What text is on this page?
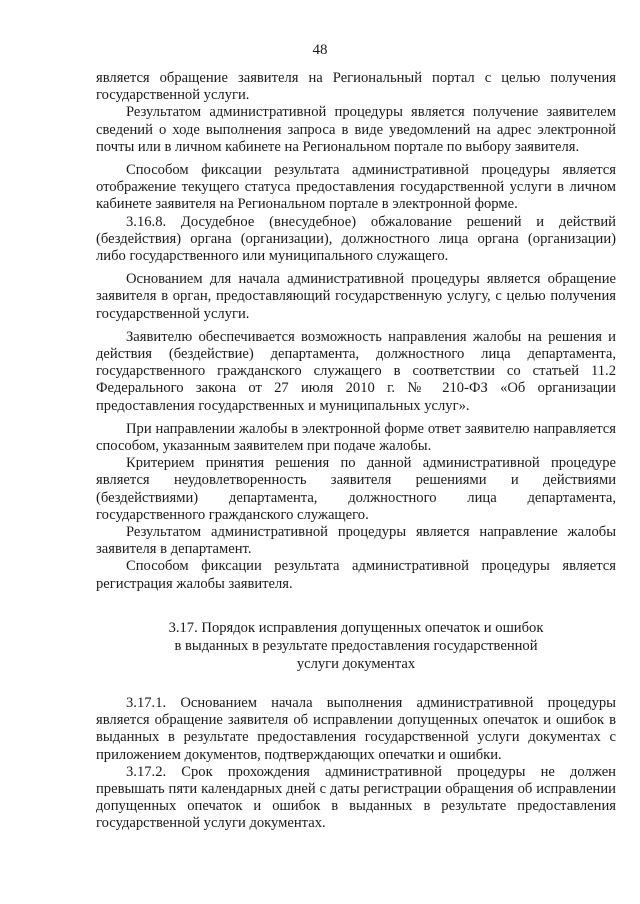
48

является обращение заявителя на Региональный портал с целью получения государственной услуги.

Результатом административной процедуры является получение заявителем сведений о ходе выполнения запроса в виде уведомлений на адрес электронной почты или в личном кабинете на Региональном портале по выбору заявителя.

Способом фиксации результата административной процедуры является отображение текущего статуса предоставления государственной услуги в личном кабинете заявителя на Региональном портале в электронной форме.

3.16.8. Досудебное (внесудебное) обжалование решений и действий (бездействия) органа (организации), должностного лица органа (организации) либо государственного или муниципального служащего.

Основанием для начала административной процедуры является обращение заявителя в орган, предоставляющий государственную услугу, с целью получения государственной услуги.

Заявителю обеспечивается возможность направления жалобы на решения и действия (бездействие) департамента, должностного лица департамента, государственного гражданского служащего в соответствии со статьей 11.2 Федерального закона от 27 июля 2010 г. № 210-ФЗ «Об организации предоставления государственных и муниципальных услуг».

При направлении жалобы в электронной форме ответ заявителю направляется способом, указанным заявителем при подаче жалобы.

Критерием принятия решения по данной административной процедуре является неудовлетворенность заявителя решениями и действиями (бездействиями) департамента, должностного лица департамента, государственного гражданского служащего.

Результатом административной процедуры является направление жалобы заявителя в департамент.

Способом фиксации результата административной процедуры является регистрация жалобы заявителя.

3.17. Порядок исправления допущенных опечаток и ошибок
в выданных в результате предоставления государственной
услуги документах

3.17.1. Основанием начала выполнения административной процедуры является обращение заявителя об исправлении допущенных опечаток и ошибок в выданных в результате предоставления государственной услуги документах с приложением документов, подтверждающих опечатки и ошибки.

3.17.2. Срок прохождения административной процедуры не должен превышать пяти календарных дней с даты регистрации обращения об исправлении допущенных опечаток и ошибок в выданных в результате предоставления государственной услуги документах.
